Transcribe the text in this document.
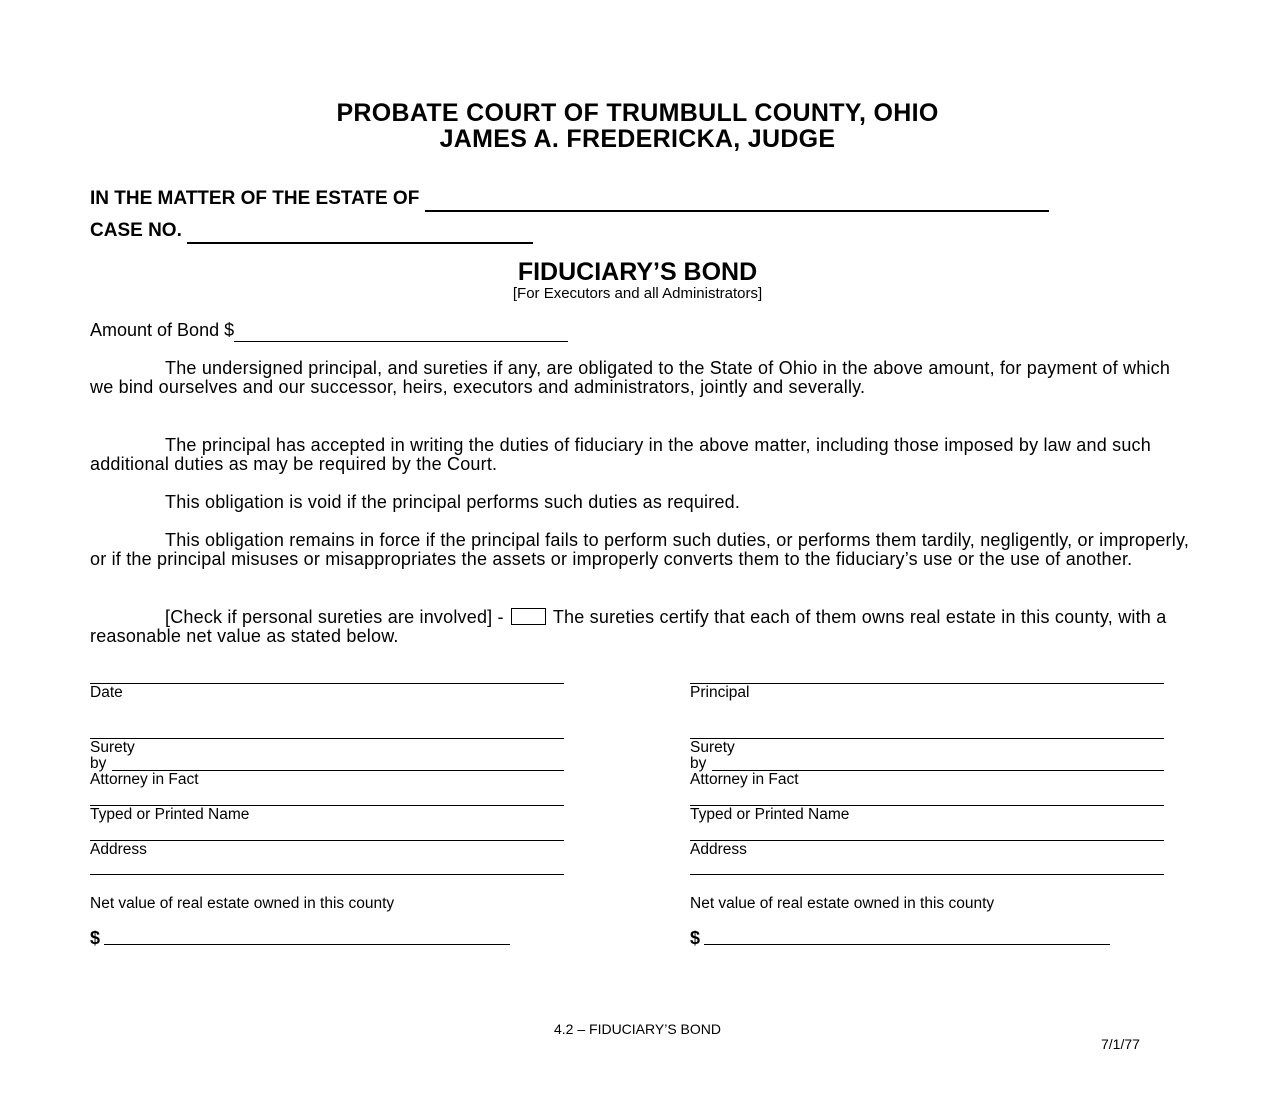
PROBATE COURT OF TRUMBULL COUNTY, OHIO
JAMES A. FREDERICKA, JUDGE
IN THE MATTER OF THE ESTATE OF
CASE NO.
FIDUCIARY’S BOND
[For Executors and all Administrators]
Amount of Bond $

The undersigned principal, and sureties if any, are obligated to the State of Ohio in the above amount, for payment of which we bind ourselves and our successor, heirs, executors and administrators, jointly and severally.

The principal has accepted in writing the duties of fiduciary in the above matter, including those imposed by law and such additional duties as may be required by the Court.

This obligation is void if the principal performs such duties as required.

This obligation remains in force if the principal fails to perform such duties, or performs them tardily, negligently, or improperly, or if the principal misuses or misappropriates the assets or improperly converts them to the fiduciary’s use or the use of another.

[Check if personal sureties are involved] -	The sureties certify that each of them owns real estate in this county, with a reasonable net value as stated below.

Date
Surety
by
Attorney in Fact
Typed or Printed Name
Address
Net value of real estate owned in this county
$
Principal
Surety
by
Attorney in Fact
Typed or Printed Name
Address
Net value of real estate owned in this county
$
4.2 – FIDUCIARY’S BOND
7/1/77
